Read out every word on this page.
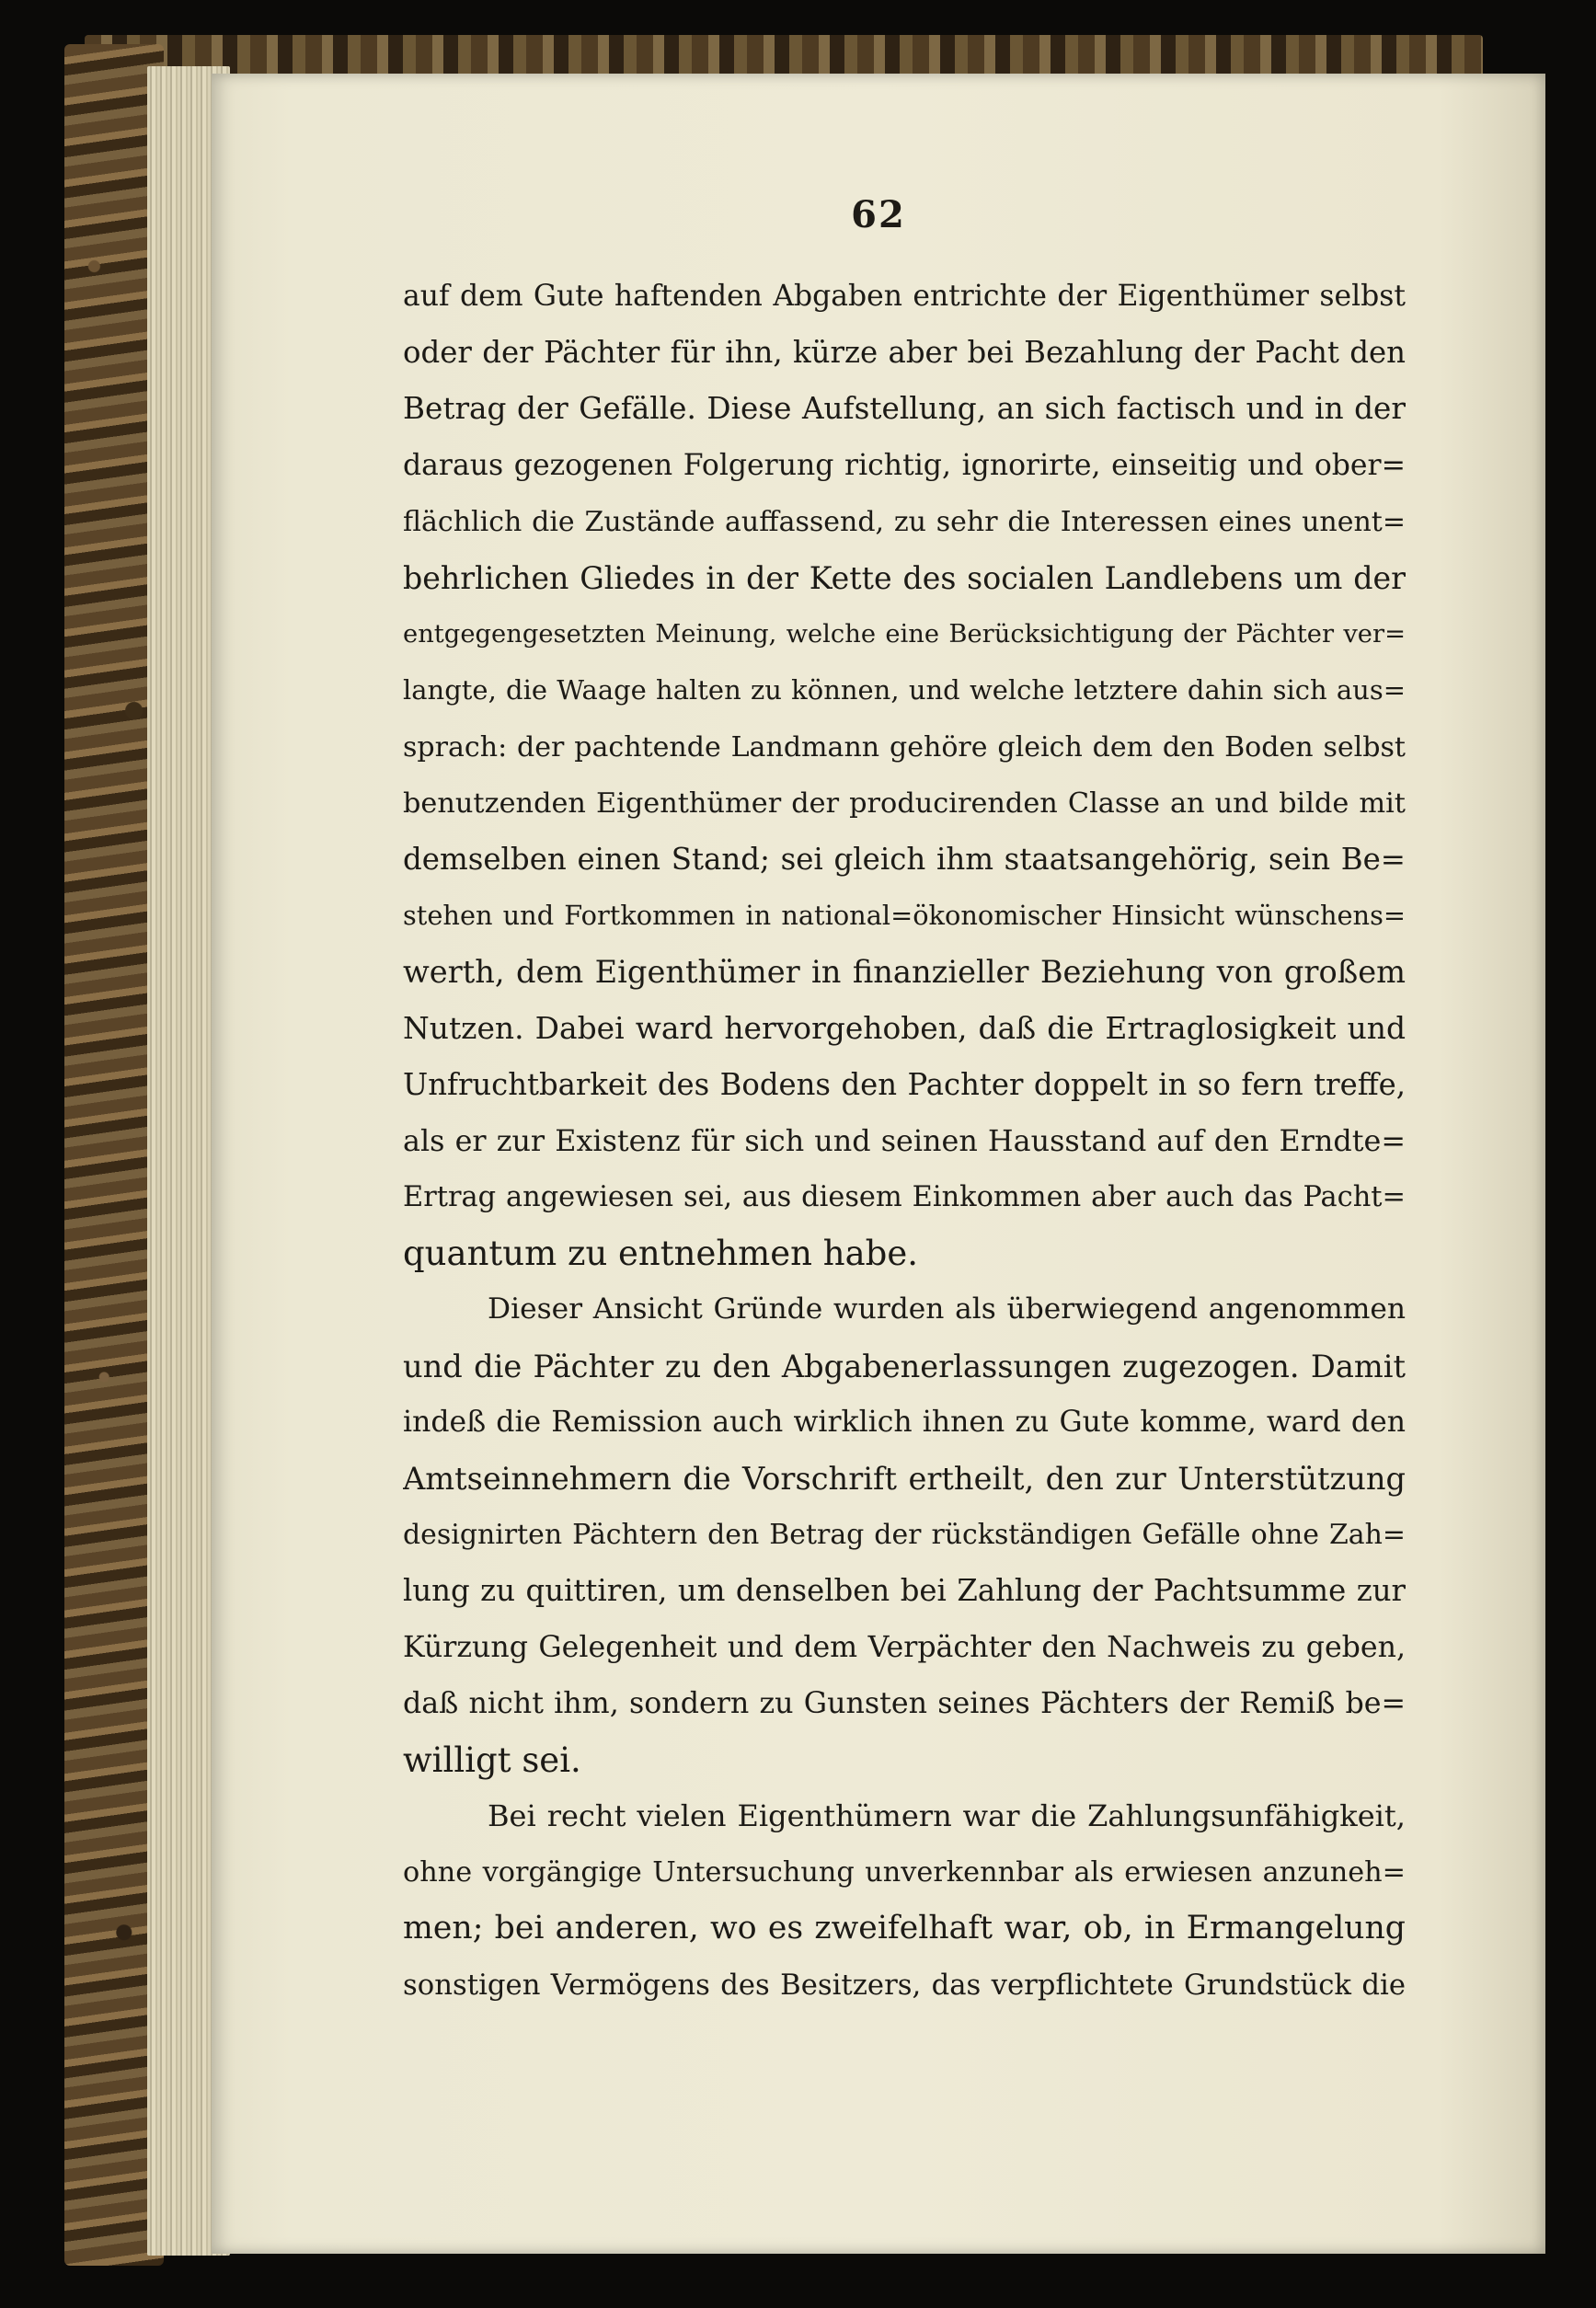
62
auf dem Gute haftenden Abgaben entrichte der Eigenthümer selbst
oder der Pächter für ihn, kürze aber bei Bezahlung der Pacht den
Betrag der Gefälle. Diese Aufstellung, an sich factisch und in der
daraus gezogenen Folgerung richtig, ignorirte, einseitig und ober=
flächlich die Zustände auffassend, zu sehr die Interessen eines unent=
behrlichen Gliedes in der Kette des socialen Landlebens um der
entgegengesetzten Meinung, welche eine Berücksichtigung der Pächter ver=
langte, die Waage halten zu können, und welche letztere dahin sich aus=
sprach: der pachtende Landmann gehöre gleich dem den Boden selbst
benutzenden Eigenthümer der producirenden Classe an und bilde mit
demselben einen Stand; sei gleich ihm staatsangehörig, sein Be=
stehen und Fortkommen in national=ökonomischer Hinsicht wünschens=
werth, dem Eigenthümer in finanzieller Beziehung von großem
Nutzen. Dabei ward hervorgehoben, daß die Ertraglosigkeit und
Unfruchtbarkeit des Bodens den Pachter doppelt in so fern treffe,
als er zur Existenz für sich und seinen Hausstand auf den Erndte=
Ertrag angewiesen sei, aus diesem Einkommen aber auch das Pacht=
quantum zu entnehmen habe.
Dieser Ansicht Gründe wurden als überwiegend angenommen
und die Pächter zu den Abgabenerlassungen zugezogen. Damit
indeß die Remission auch wirklich ihnen zu Gute komme, ward den
Amtseinnehmern die Vorschrift ertheilt, den zur Unterstützung
designirten Pächtern den Betrag der rückständigen Gefälle ohne Zah=
lung zu quittiren, um denselben bei Zahlung der Pachtsumme zur
Kürzung Gelegenheit und dem Verpächter den Nachweis zu geben,
daß nicht ihm, sondern zu Gunsten seines Pächters der Remiß be=
willigt sei.
Bei recht vielen Eigenthümern war die Zahlungsunfähigkeit,
ohne vorgängige Untersuchung unverkennbar als erwiesen anzuneh=
men; bei anderen, wo es zweifelhaft war, ob, in Ermangelung
sonstigen Vermögens des Besitzers, das verpflichtete Grundstück die
